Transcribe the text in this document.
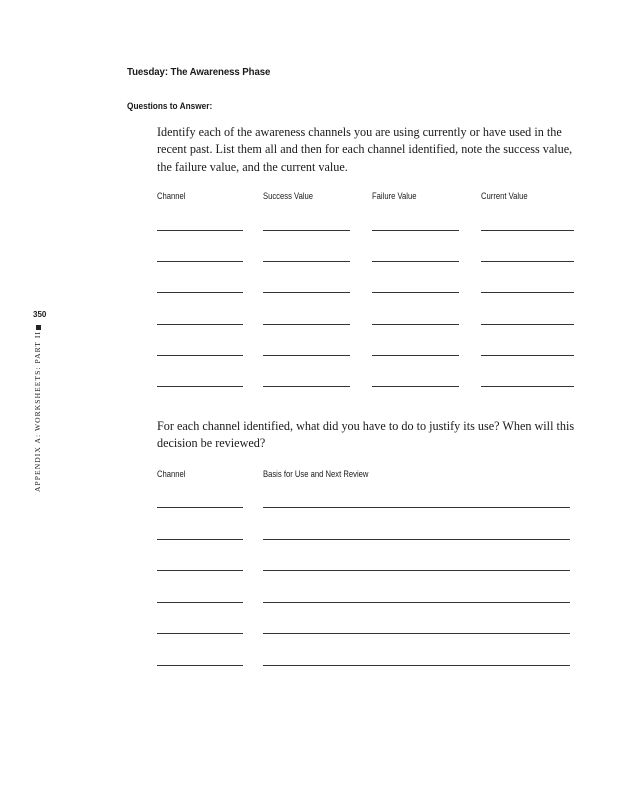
Tuesday: The Awareness Phase
Questions to Answer:
Identify each of the awareness channels you are using currently or have used in the recent past. List them all and then for each channel identified, note the success value, the failure value, and the current value.
Channel	Success Value	Failure Value	Current Value
For each channel identified, what did you have to do to justify its use? When will this decision be reviewed?
Channel	Basis for Use and Next Review
350
APPENDIX A: WORKSHEETS: PART II
